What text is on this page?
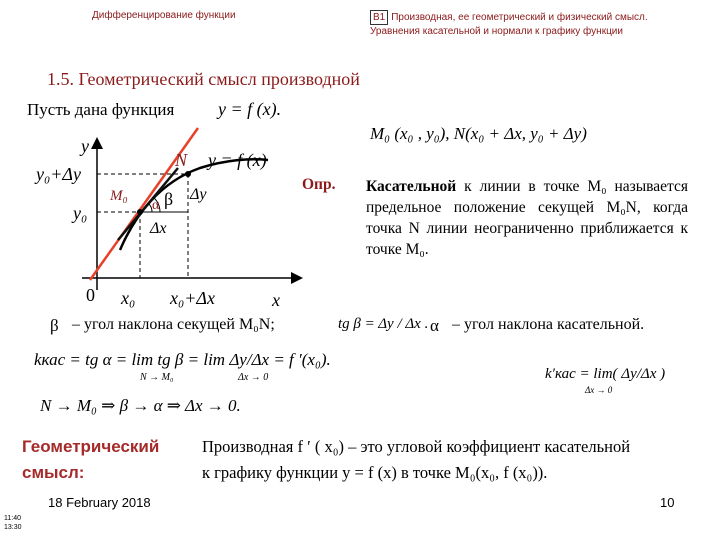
Дифференцирование функции	B1 Производная, ее геометрический и физический смысл. Уравнения касательной и нормали к графику функции
1.5. Геометрический смысл производной
Пусть дана функция y = f (x).
M₀ (x₀ , y₀), N(x₀ + Δx, y₀ + Δy)
y
x
y₀+Δy
y₀
0 x₀ x₀+Δx
N
M₀
y = f (x)
α β Δy
Δx
Опр. Касательной к линии в точке M₀ называется предельное положение секущей M₀N, когда точка N линии неограниченно приближается к точке M₀.
β – угол наклона секущей M₀N;	tg β = Δy / Δx . α – угол наклона касательной.
kкас = tg α = lim tg β = lim Δy/Δx = f ′(x₀).
N → M₀	Δx → 0	k′кас = lim( Δy/Δx )
Δx → 0
N → M₀ ⇒ β → α ⇒ Δx → 0.
Геометрический смысл:
Производная f ′ ( x₀) – это угловой коэффициент касательной к графику функции y = f (x) в точке M₀(x₀, f (x₀)).
18 February 2018	10
11:40
13:30
